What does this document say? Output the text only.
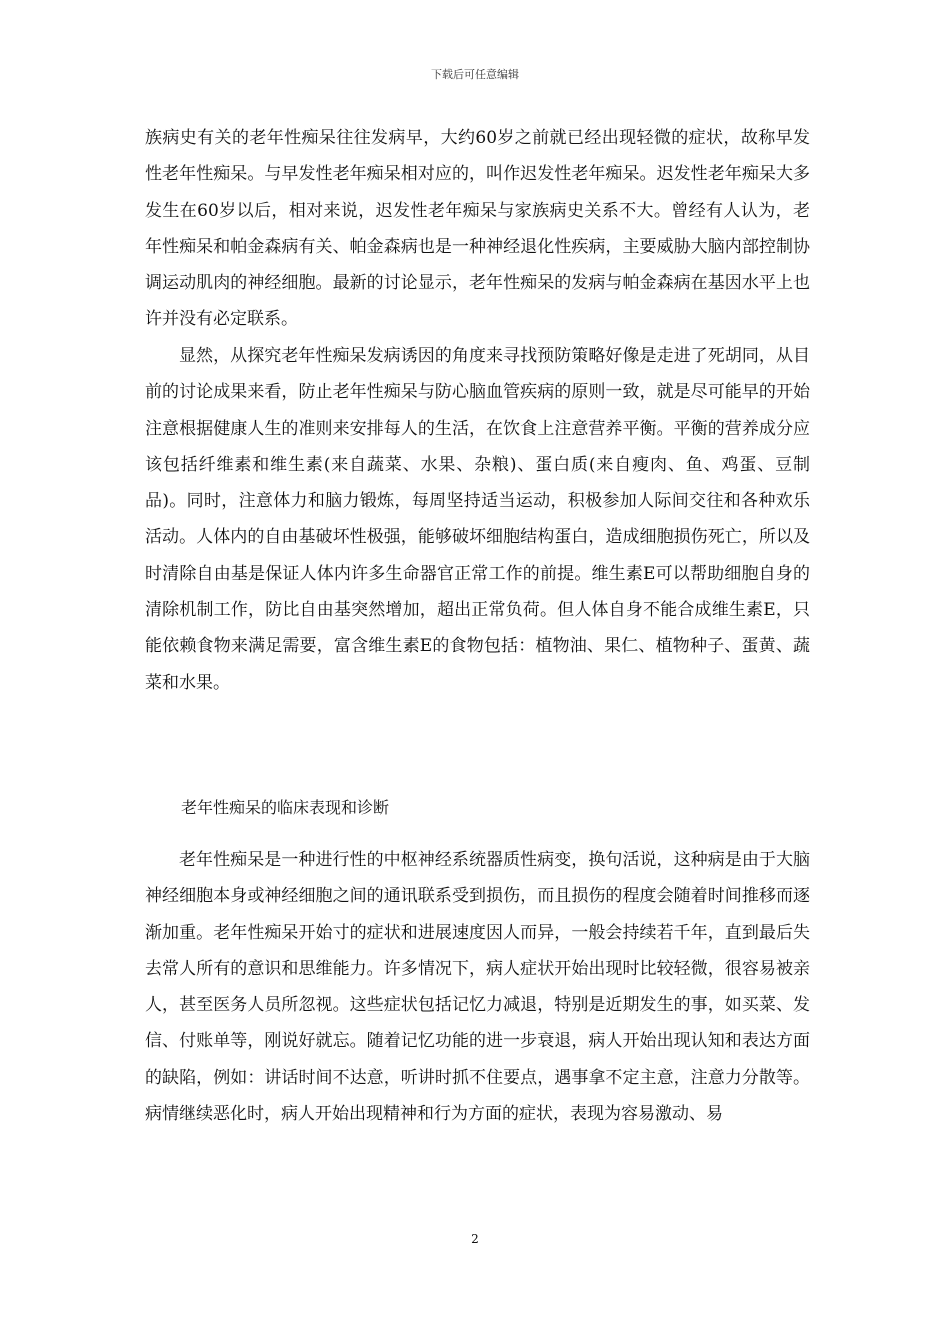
下载后可任意编辑

族病史有关的老年性痴呆往往发病早，大约60岁之前就已经出现轻微的症状，故称早发性老年性痴呆。与早发性老年痴呆相对应的，叫作迟发性老年痴呆。迟发性老年痴呆大多发生在60岁以后，相对来说，迟发性老年痴呆与家族病史关系不大。曾经有人认为，老年性痴呆和帕金森病有关、帕金森病也是一种神经退化性疾病，主要威胁大脑内部控制协调运动肌肉的神经细胞。最新的讨论显示，老年性痴呆的发病与帕金森病在基因水平上也许并没有必定联系。

显然，从探究老年性痴呆发病诱因的角度来寻找预防策略好像是走进了死胡同，从目前的讨论成果来看，防止老年性痴呆与防心脑血管疾病的原则一致，就是尽可能早的开始注意根据健康人生的准则来安排每人的生活，在饮食上注意营养平衡。平衡的营养成分应该包括纤维素和维生素(来自蔬菜、水果、杂粮)、蛋白质(来自瘦肉、鱼、鸡蛋、豆制品)。同时，注意体力和脑力锻炼，每周坚持适当运动，积极参加人际间交往和各种欢乐活动。人体内的自由基破坏性极强，能够破坏细胞结构蛋白，造成细胞损伤死亡，所以及时清除自由基是保证人体内许多生命器官正常工作的前提。维生素E可以帮助细胞自身的清除机制工作，防比自由基突然增加，超出正常负荷。但人体自身不能合成维生素E，只能依赖食物来满足需要，富含维生素E的食物包括：植物油、果仁、植物种子、蛋黄、蔬菜和水果。

老年性痴呆的临床表现和诊断

老年性痴呆是一种进行性的中枢神经系统器质性病变，换句活说，这种病是由于大脑神经细胞本身或神经细胞之间的通讯联系受到损伤，而且损伤的程度会随着时间推移而逐渐加重。老年性痴呆开始寸的症状和进展速度因人而异，一般会持续若千年，直到最后失去常人所有的意识和思维能力。许多情况下，病人症状开始出现时比较轻微，很容易被亲人，甚至医务人员所忽视。这些症状包括记忆力减退，特别是近期发生的事，如买菜、发信、付账单等，刚说好就忘。随着记忆功能的进一步衰退，病人开始出现认知和表达方面的缺陷，例如：讲话时间不达意，听讲时抓不住要点，遇事拿不定主意，注意力分散等。病情继续恶化时，病人开始出现精神和行为方面的症状，表现为容易激动、易

2
